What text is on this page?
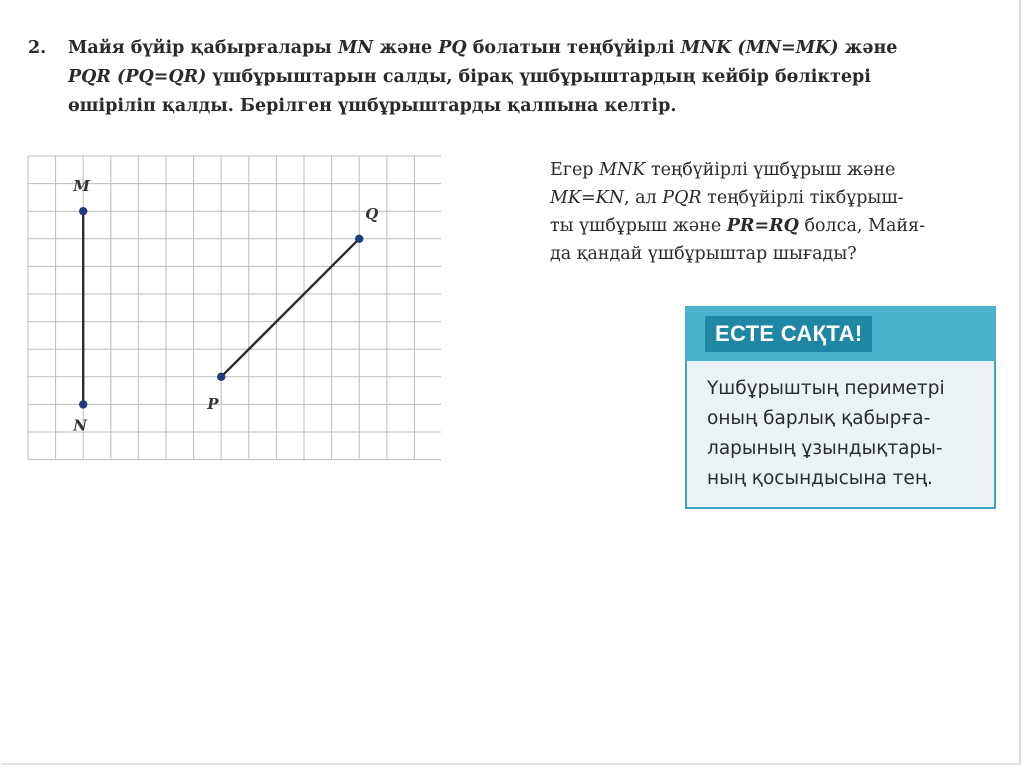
2. Майя бүйір қабырғалары MN және PQ болатын теңбүйірлі MNK (MN=MK) және
PQR (PQ=QR) үшбұрыштарын салды, бірақ үшбұрыштардың кейбір бөліктері
өшіріліп қалды. Берілген үшбұрыштарды қалпына келтір.
M
N
Q
P
Егер MNK теңбүйірлі үшбұрыш және
MK=KN, ал PQR теңбүйірлі тікбұрыш-
ты үшбұрыш және PR=RQ болса, Майя-
да қандай үшбұрыштар шығады?
ЕСТЕ САҚТА!
Үшбұрыштың периметрі
оның барлық қабырға-
ларының ұзындықтары-
ның қосындысына тең.
